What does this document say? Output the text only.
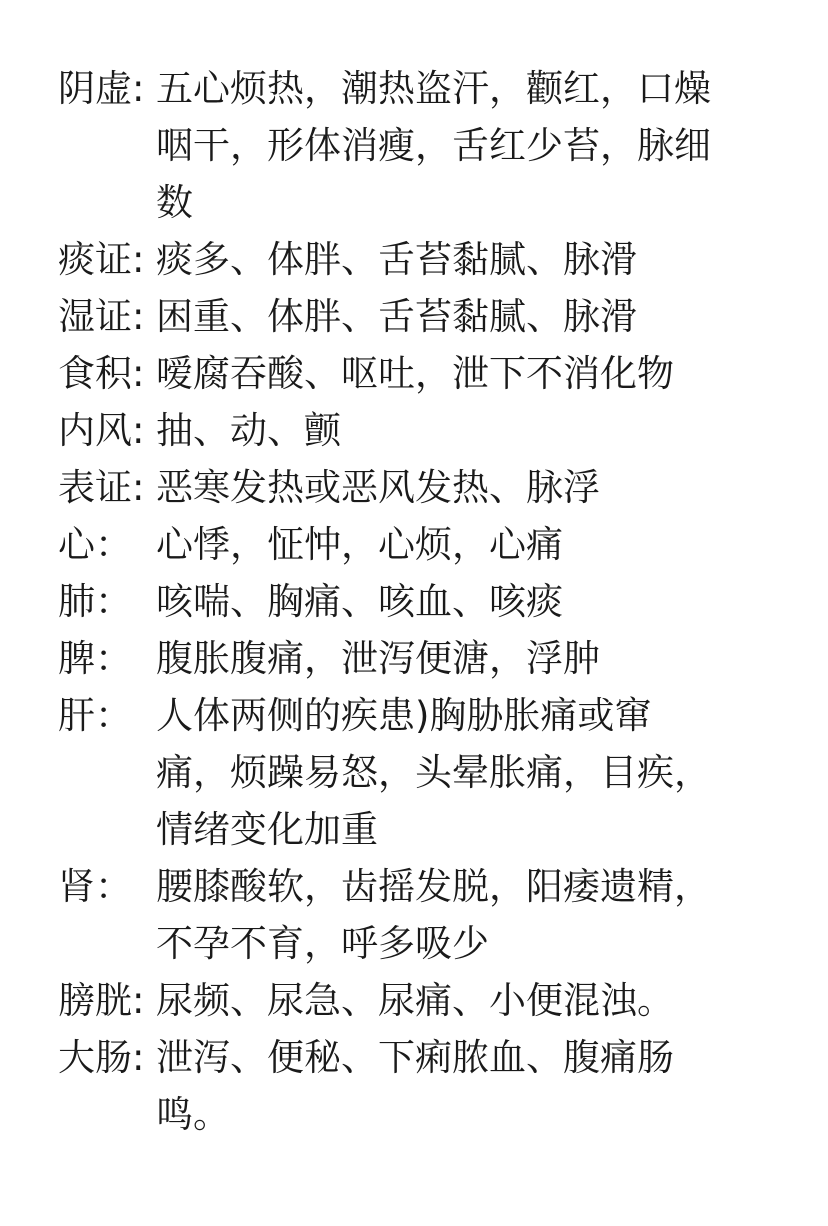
阴虚: 五心烦热，潮热盗汗，颧红，口燥
咽干，形体消瘦，舌红少苔，脉细
数
痰证: 痰多、体胖、舌苔黏腻、脉滑
湿证: 困重、体胖、舌苔黏腻、脉滑
食积: 嗳腐吞酸、呕吐，泄下不消化物
内风: 抽、动、颤
表证: 恶寒发热或恶风发热、脉浮
心： 心悸，怔忡，心烦，心痛
肺： 咳喘、胸痛、咳血、咳痰
脾： 腹胀腹痛，泄泻便溏，浮肿
肝： 人体两侧的疾患)胸胁胀痛或窜
痛，烦躁易怒，头晕胀痛，目疾，
情绪变化加重
肾： 腰膝酸软，齿摇发脱，阳痿遗精，
不孕不育，呼多吸少
膀胱: 尿频、尿急、尿痛、小便混浊。
大肠: 泄泻、便秘、下痢脓血、腹痛肠
鸣。
